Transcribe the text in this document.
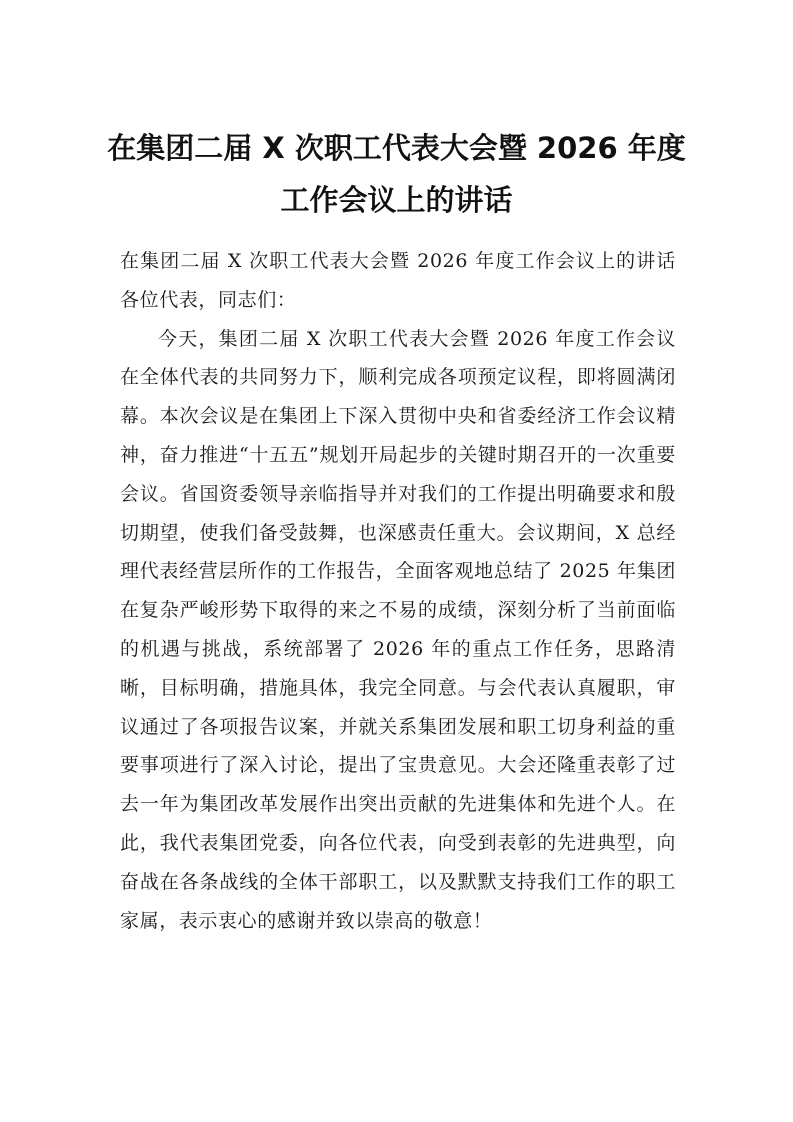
在集团二届 X 次职工代表大会暨 2026 年度
工作会议上的讲话

在集团二届 X 次职工代表大会暨 2026 年度工作会议上的讲话各位代表，同志们：

今天，集团二届 X 次职工代表大会暨 2026 年度工作会议在全体代表的共同努力下，顺利完成各项预定议程，即将圆满闭幕。本次会议是在集团上下深入贯彻中央和省委经济工作会议精神，奋力推进“十五五”规划开局起步的关键时期召开的一次重要会议。省国资委领导亲临指导并对我们的工作提出明确要求和殷切期望，使我们备受鼓舞，也深感责任重大。会议期间，X 总经理代表经营层所作的工作报告，全面客观地总结了 2025 年集团在复杂严峻形势下取得的来之不易的成绩，深刻分析了当前面临的机遇与挑战，系统部署了 2026 年的重点工作任务，思路清晰，目标明确，措施具体，我完全同意。与会代表认真履职，审议通过了各项报告议案，并就关系集团发展和职工切身利益的重要事项进行了深入讨论，提出了宝贵意见。大会还隆重表彰了过去一年为集团改革发展作出突出贡献的先进集体和先进个人。在此，我代表集团党委，向各位代表，向受到表彰的先进典型，向奋战在各条战线的全体干部职工，以及默默支持我们工作的职工家属，表示衷心的感谢并致以崇高的敬意！
